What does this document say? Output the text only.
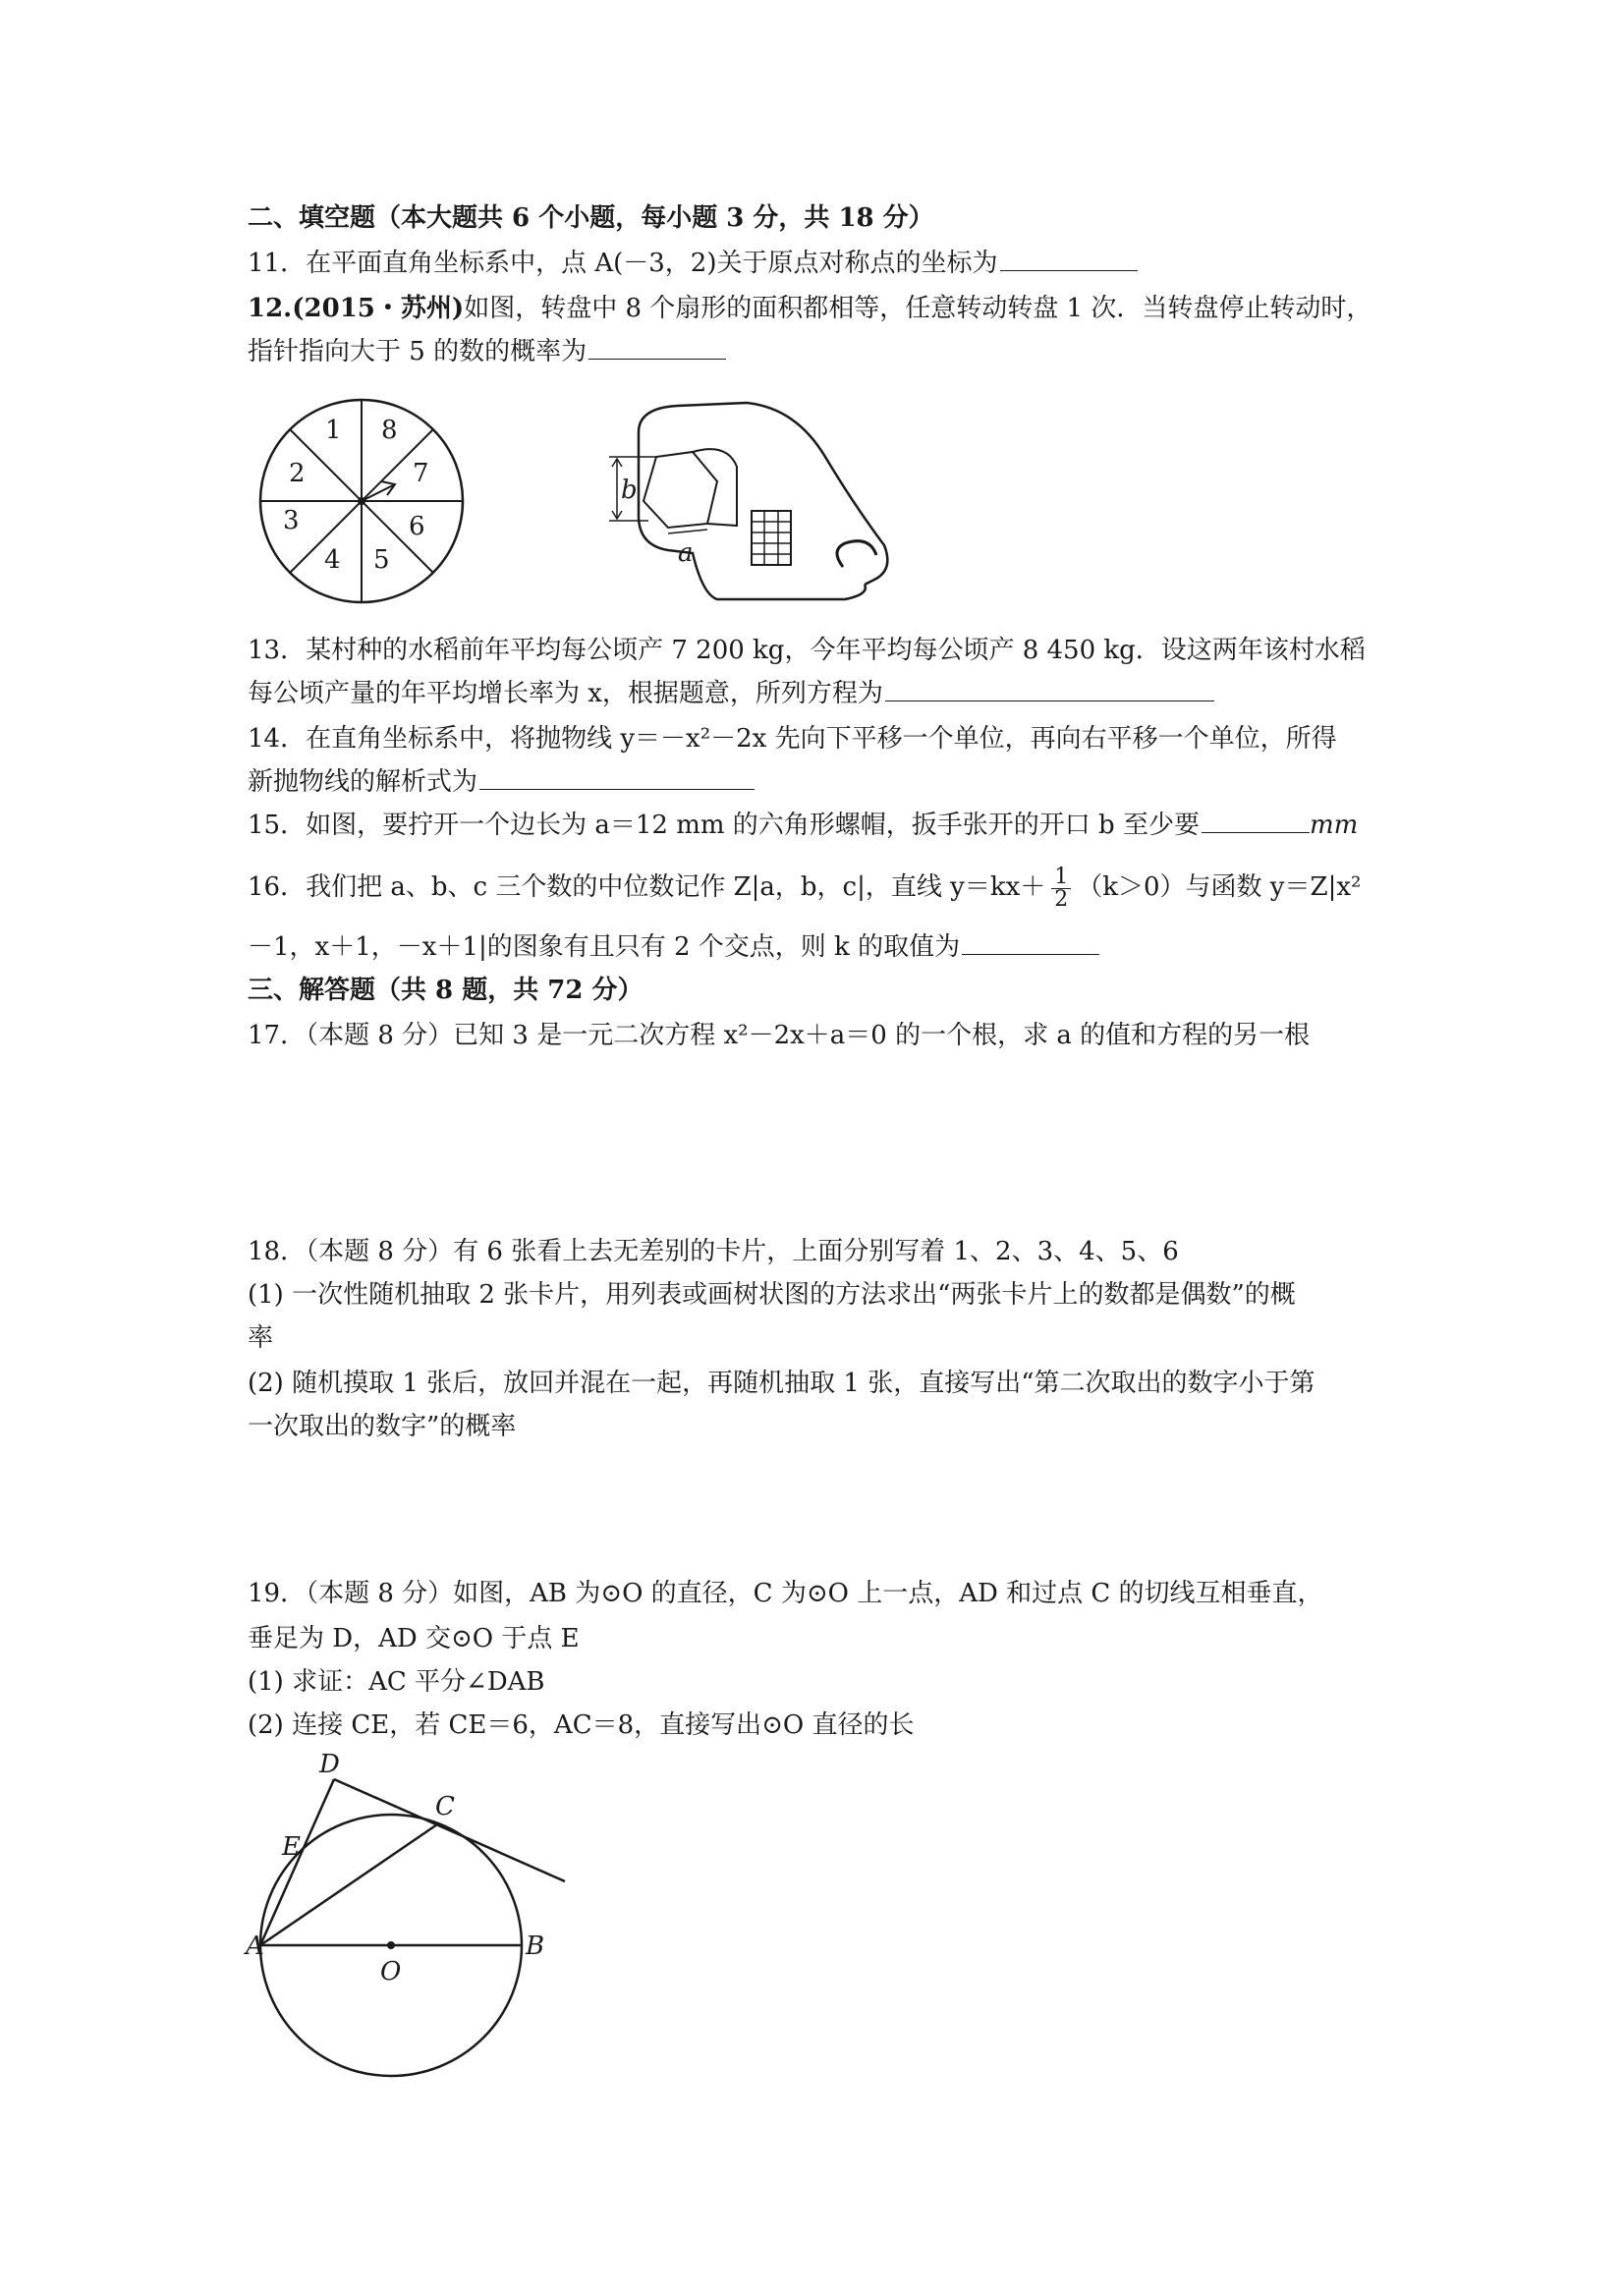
二、填空题（本大题共 6 个小题，每小题 3 分，共 18 分）
11．在平面直角坐标系中，点 A(－3，2)关于原点对称点的坐标为
12.(2015・苏州)如图，转盘中 8 个扇形的面积都相等，任意转动转盘 1 次．当转盘停止转动时，
指针指向大于 5 的数的概率为
1 8
7
6
5
4
3
2
b
a
13．某村种的水稻前年平均每公顷产 7 200 kg，今年平均每公顷产 8 450 kg．设这两年该村水稻
每公顷产量的年平均增长率为 x，根据题意，所列方程为
14．在直角坐标系中，将抛物线 y＝－x²－2x 先向下平移一个单位，再向右平移一个单位，所得
新抛物线的解析式为
15．如图，要拧开一个边长为 a＝12 mm 的六角形螺帽，扳手张开的开口 b 至少要	mm
16．我们把 a、b、c 三个数的中位数记作 Z|a，b，c|，直线 $y=kx+ \frac{1}{2} (k>0)$与函数 y＝Z|x²
－1，x＋1，－x＋1|的图象有且只有 2 个交点，则 k 的取值为
三、解答题（共 8 题，共 72 分）
17．（本题 8 分）已知 3 是一元二次方程 x²－2x＋a＝0 的一个根，求 a 的值和方程的另一根
18．（本题 8 分）有 6 张看上去无差别的卡片，上面分别写着 1、2、3、4、5、6
(1) 一次性随机抽取 2 张卡片，用列表或画树状图的方法求出“两张卡片上的数都是偶数”的概
率
(2) 随机摸取 1 张后，放回并混在一起，再随机抽取 1 张，直接写出“第二次取出的数字小于第
一次取出的数字”的概率
19．（本题 8 分）如图，AB 为⊙O 的直径，C 为⊙O 上一点，AD 和过点 C 的切线互相垂直，
垂足为 D，AD 交⊙O 于点 E
(1) 求证：AC 平分∠DAB
(2) 连接 CE，若 CE＝6，AC＝8，直接写出⊙O 直径的长
D
C
E
A
O
B
